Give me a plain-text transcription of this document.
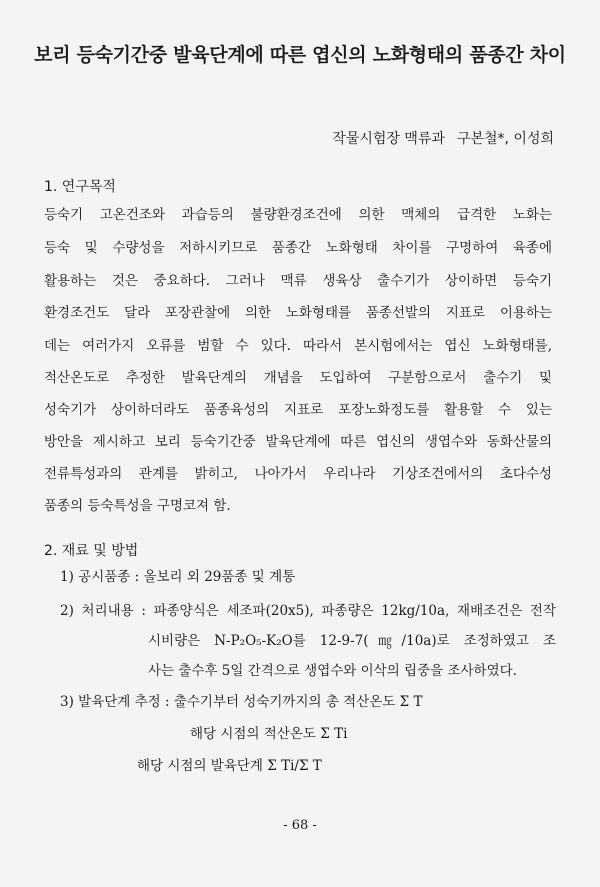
보리 등숙기간중 발육단계에 따른 엽신의 노화형태의 품종간 차이
작물시험장 맥류과 구본철*, 이성희
1. 연구목적
등숙기 고온건조와 과습등의 불량환경조건에 의한 맥체의 급격한 노화는
등숙 및 수량성을 저하시키므로 품종간 노화형태 차이를 구명하여 육종에
활용하는 것은 중요하다. 그러나 맥류 생육상 출수기가 상이하면 등숙기
환경조건도 달라 포장관찰에 의한 노화형태를 품종선발의 지표로 이용하는
데는 여러가지 오류를 범할 수 있다. 따라서 본시험에서는 엽신 노화형태를,
적산온도로 추정한 발육단계의 개념을 도입하여 구분함으로서 출수기 및
성숙기가 상이하더라도 품종육성의 지표로 포장노화정도를 활용할 수 있는
방안을 제시하고 보리 등숙기간중 발육단계에 따른 엽신의 생엽수와 동화산물의
전류특성과의 관계를 밝히고, 나아가서 우리나라 기상조건에서의 초다수성
품종의 등숙특성을 구명코져 함.
2. 재료 및 방법
1) 공시품종 : 올보리 외 29품종 및 계통
2) 처리내용 : 파종양식은 세조파(20x5), 파종량은 12kg/10a, 재배조건은 전작
시비량은 N-P₂O₅-K₂O를 12-9-7(㎎/10a)로 조정하였고 조
사는 출수후 5일 간격으로 생엽수와 이삭의 립중을 조사하였다.
3) 발육단계 추정 : 출수기부터 성숙기까지의 총 적산온도 Σ T
해당 시점의 적산온도 Σ Ti
해당 시점의 발육단계 Σ Ti/Σ T
- 68 -
